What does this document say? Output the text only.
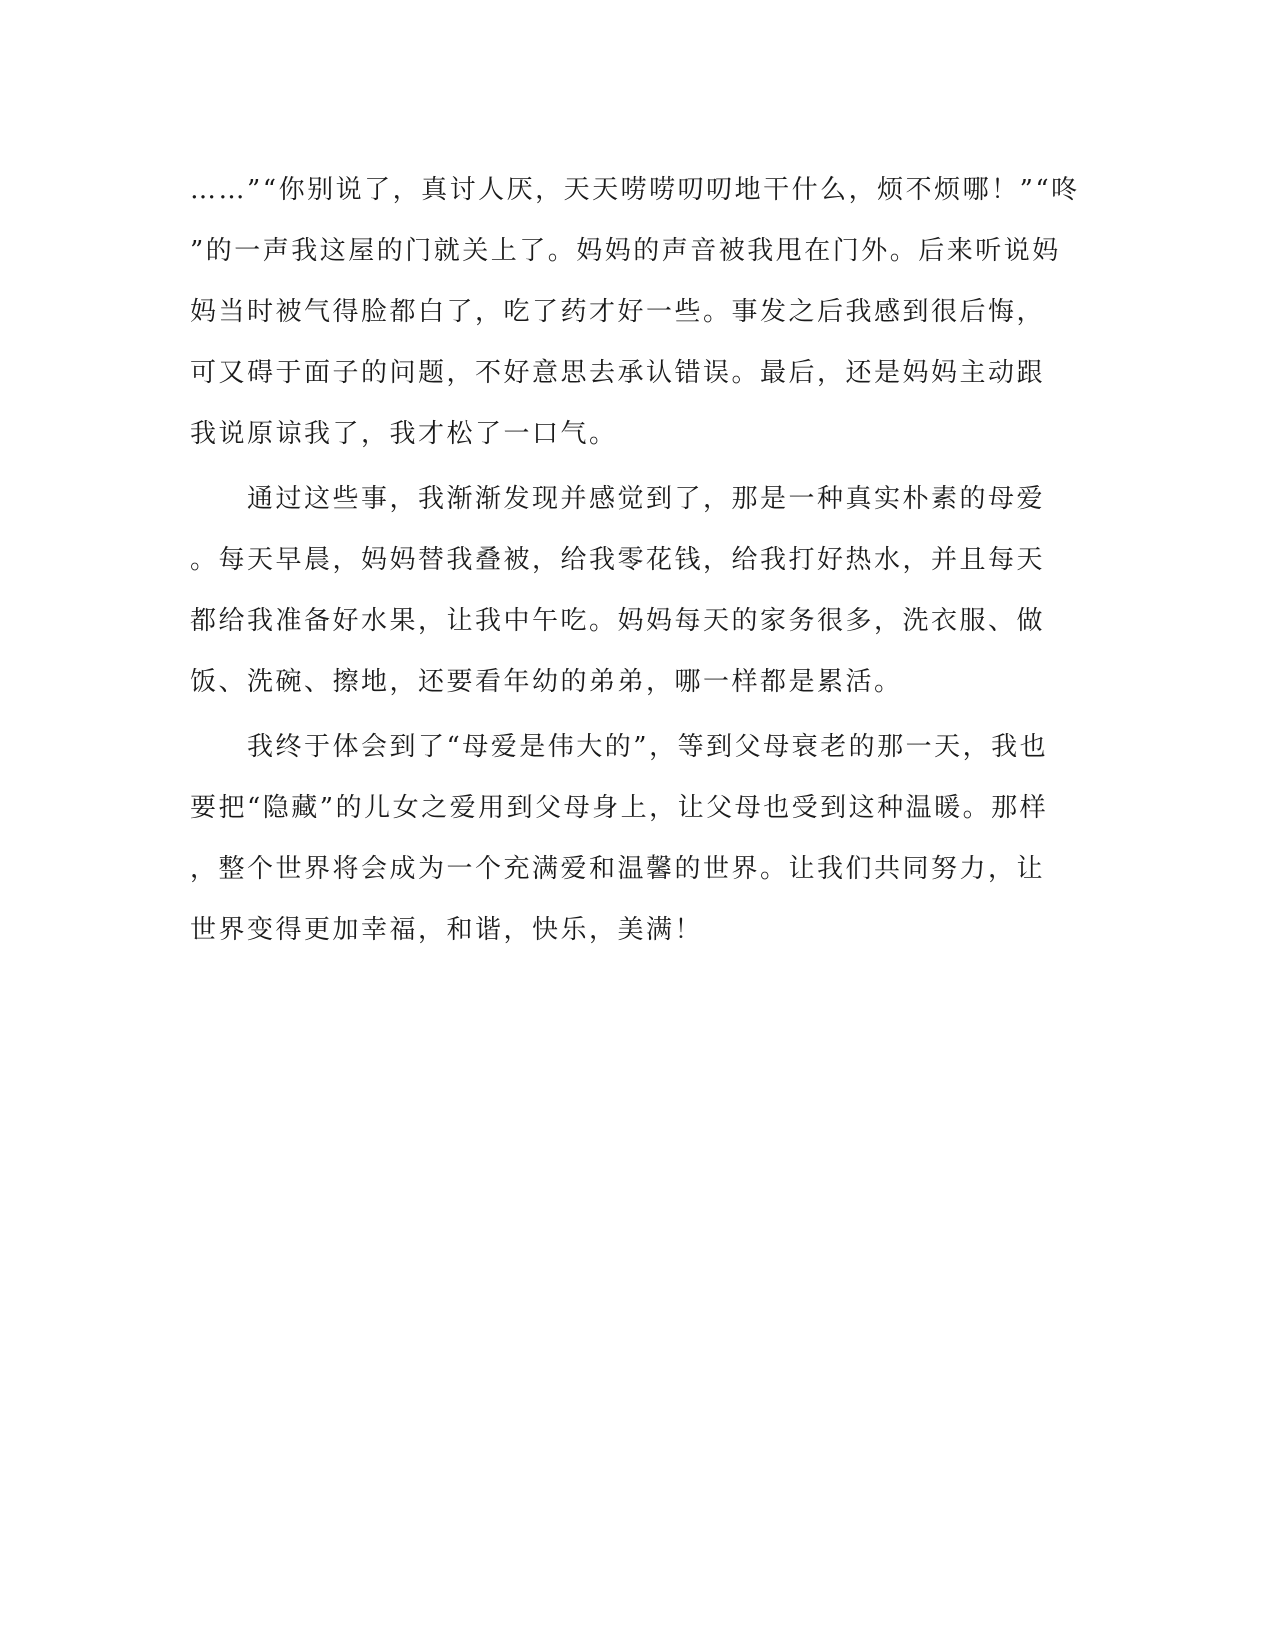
……”“你别说了，真讨人厌，天天唠唠叨叨地干什么，烦不烦哪！”“咚
”的一声我这屋的门就关上了。妈妈的声音被我甩在门外。后来听说妈
妈当时被气得脸都白了，吃了药才好一些。事发之后我感到很后悔，
可又碍于面子的问题，不好意思去承认错误。最后，还是妈妈主动跟
我说原谅我了，我才松了一口气。
　　通过这些事，我渐渐发现并感觉到了，那是一种真实朴素的母爱
。每天早晨，妈妈替我叠被，给我零花钱，给我打好热水，并且每天
都给我准备好水果，让我中午吃。妈妈每天的家务很多，洗衣服、做
饭、洗碗、擦地，还要看年幼的弟弟，哪一样都是累活。
　　我终于体会到了“母爱是伟大的”，等到父母衰老的那一天，我也
要把“隐藏”的儿女之爱用到父母身上，让父母也受到这种温暖。那样
，整个世界将会成为一个充满爱和温馨的世界。让我们共同努力，让
世界变得更加幸福，和谐，快乐，美满！
